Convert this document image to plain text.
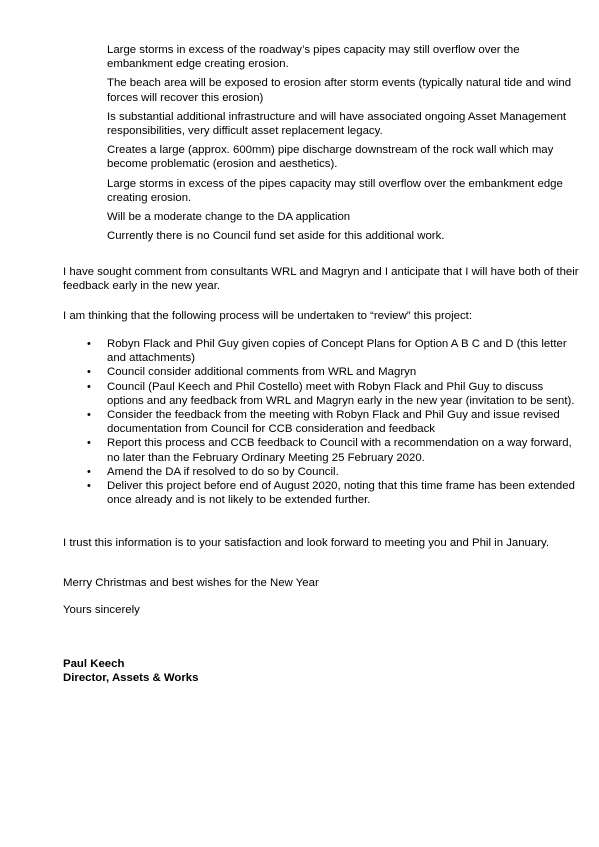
Large storms in excess of the roadway’s pipes capacity may still overflow over the embankment edge creating erosion.
The beach area will be exposed to erosion after storm events (typically natural tide and wind forces will recover this erosion)
Is substantial additional infrastructure and will have associated ongoing Asset Management responsibilities, very difficult asset replacement legacy.
Creates a large (approx. 600mm) pipe discharge downstream of the rock wall which may become problematic (erosion and aesthetics).
Large storms in excess of the pipes capacity may still overflow over the embankment edge creating erosion.
Will be a moderate change to the DA application
Currently there is no Council fund set aside for this additional work.

I have sought comment from consultants WRL and Magryn and I anticipate that I will have both of their feedback early in the new year.

I am thinking that the following process will be undertaken to “review” this project:

• Robyn Flack and Phil Guy given copies of Concept Plans for Option A B C and D (this letter and attachments)
• Council consider additional comments from WRL and Magryn
• Council (Paul Keech and Phil Costello) meet with Robyn Flack and Phil Guy to discuss options and any feedback from WRL and Magryn early in the new year (invitation to be sent).
• Consider the feedback from the meeting with Robyn Flack and Phil Guy and issue revised documentation from Council for CCB consideration and feedback
• Report this process and CCB feedback to Council with a recommendation on a way forward, no later than the February Ordinary Meeting 25 February 2020.
• Amend the DA if resolved to do so by Council.
• Deliver this project before end of August 2020, noting that this time frame has been extended once already and is not likely to be extended further.

I trust this information is to your satisfaction and look forward to meeting you and Phil in January.

Merry Christmas and best wishes for the New Year

Yours sincerely

Paul Keech
Director, Assets & Works
